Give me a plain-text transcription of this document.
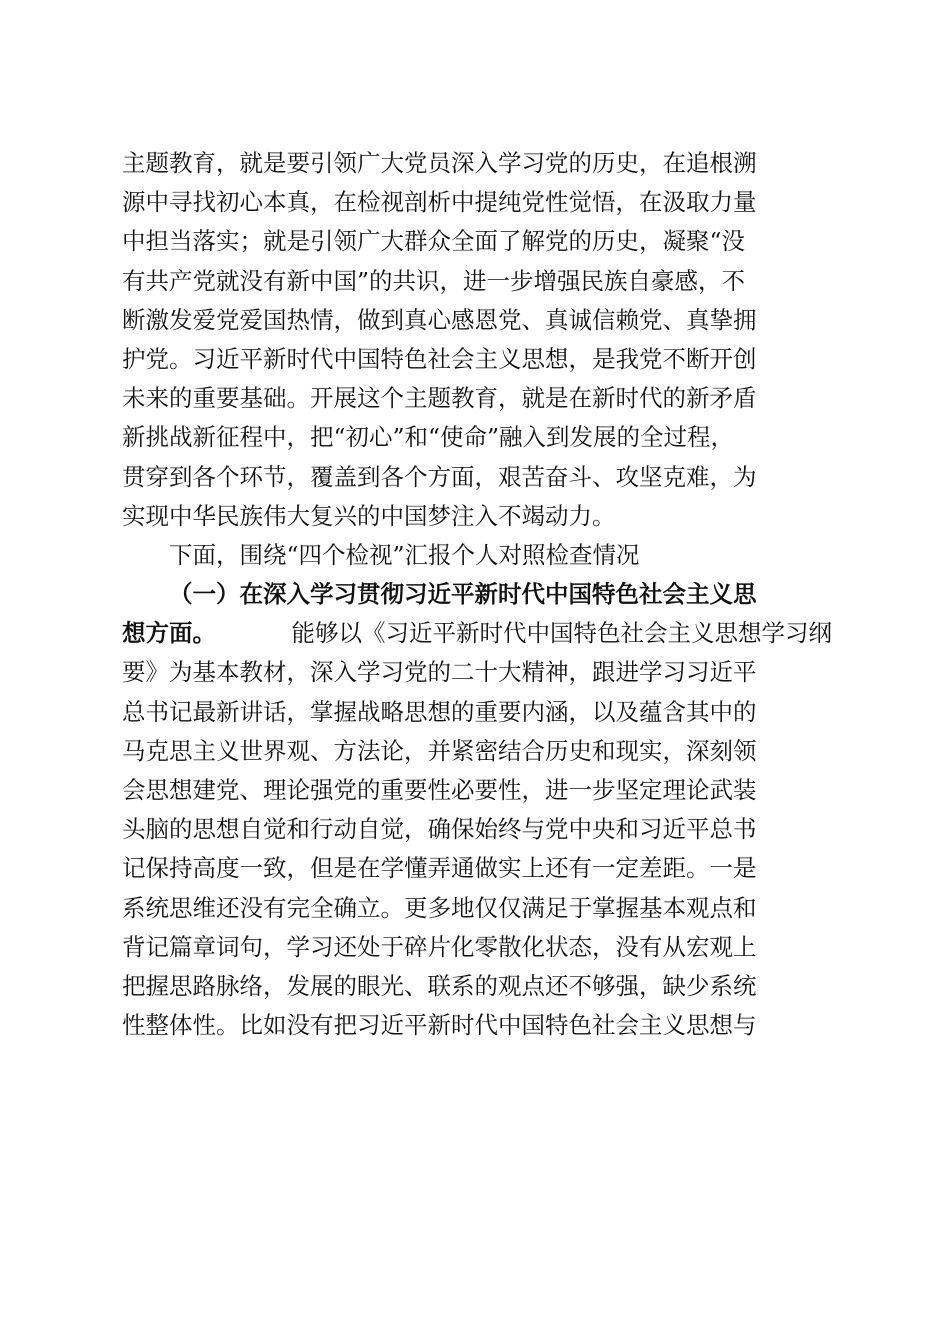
主题教育，就是要引领广大党员深入学习党的历史，在追根溯
源中寻找初心本真，在检视剖析中提纯党性觉悟，在汲取力量
中担当落实；就是引领广大群众全面了解党的历史，凝聚“没
有共产党就没有新中国”的共识，进一步增强民族自豪感，不
断激发爱党爱国热情，做到真心感恩党、真诚信赖党、真挚拥
护党。习近平新时代中国特色社会主义思想，是我党不断开创
未来的重要基础。开展这个主题教育，就是在新时代的新矛盾
新挑战新征程中，把“初心”和“使命”融入到发展的全过程，
贯穿到各个环节，覆盖到各个方面，艰苦奋斗、攻坚克难，为
实现中华民族伟大复兴的中国梦注入不竭动力。
下面，围绕“四个检视”汇报个人对照检查情况
（一）在深入学习贯彻习近平新时代中国特色社会主义思
想方面。	能够以《习近平新时代中国特色社会主义思想学习纲
要》为基本教材，深入学习党的二十大精神，跟进学习习近平
总书记最新讲话，掌握战略思想的重要内涵，以及蕴含其中的
马克思主义世界观、方法论，并紧密结合历史和现实，深刻领
会思想建党、理论强党的重要性必要性，进一步坚定理论武装
头脑的思想自觉和行动自觉，确保始终与党中央和习近平总书
记保持高度一致，但是在学懂弄通做实上还有一定差距。一是
系统思维还没有完全确立。更多地仅仅满足于掌握基本观点和
背记篇章词句，学习还处于碎片化零散化状态，没有从宏观上
把握思路脉络，发展的眼光、联系的观点还不够强，缺少系统
性整体性。比如没有把习近平新时代中国特色社会主义思想与
